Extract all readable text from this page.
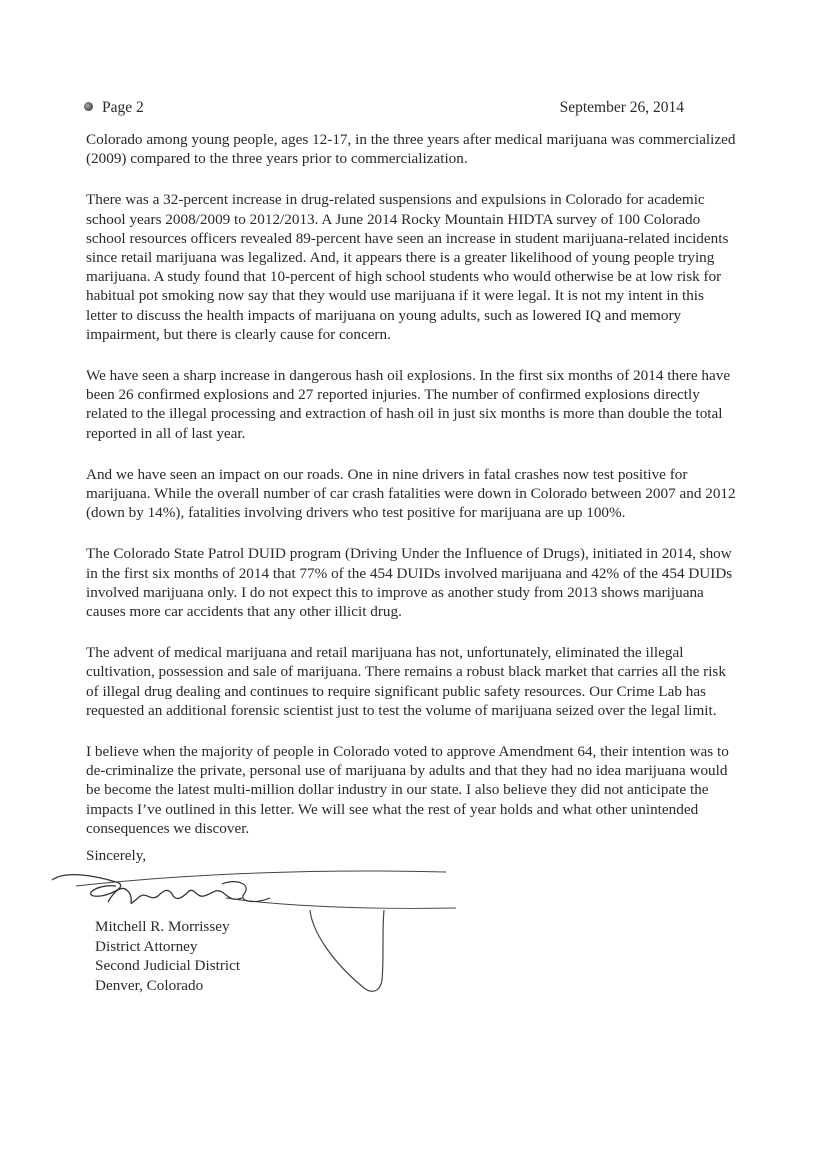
Page 2	September 26, 2014

Colorado among young people, ages 12-17, in the three years after medical marijuana was commercialized (2009) compared to the three years prior to commercialization.

There was a 32-percent increase in drug-related suspensions and expulsions in Colorado for academic school years 2008/2009 to 2012/2013. A June 2014 Rocky Mountain HIDTA survey of 100 Colorado school resources officers revealed 89-percent have seen an increase in student marijuana-related incidents since retail marijuana was legalized. And, it appears there is a greater likelihood of young people trying marijuana. A study found that 10-percent of high school students who would otherwise be at low risk for habitual pot smoking now say that they would use marijuana if it were legal. It is not my intent in this letter to discuss the health impacts of marijuana on young adults, such as lowered IQ and memory impairment, but there is clearly cause for concern.

We have seen a sharp increase in dangerous hash oil explosions. In the first six months of 2014 there have been 26 confirmed explosions and 27 reported injuries. The number of confirmed explosions directly related to the illegal processing and extraction of hash oil in just six months is more than double the total reported in all of last year.

And we have seen an impact on our roads. One in nine drivers in fatal crashes now test positive for marijuana. While the overall number of car crash fatalities were down in Colorado between 2007 and 2012 (down by 14%), fatalities involving drivers who test positive for marijuana are up 100%.

The Colorado State Patrol DUID program (Driving Under the Influence of Drugs), initiated in 2014, show in the first six months of 2014 that 77% of the 454 DUIDs involved marijuana and 42% of the 454 DUIDs involved marijuana only. I do not expect this to improve as another study from 2013 shows marijuana causes more car accidents that any other illicit drug.

The advent of medical marijuana and retail marijuana has not, unfortunately, eliminated the illegal cultivation, possession and sale of marijuana. There remains a robust black market that carries all the risk of illegal drug dealing and continues to require significant public safety resources. Our Crime Lab has requested an additional forensic scientist just to test the volume of marijuana seized over the legal limit.

I believe when the majority of people in Colorado voted to approve Amendment 64, their intention was to de-criminalize the private, personal use of marijuana by adults and that they had no idea marijuana would be become the latest multi-million dollar industry in our state. I also believe they did not anticipate the impacts I’ve outlined in this letter. We will see what the rest of year holds and what other unintended consequences we discover.

Sincerely,
Mitchell R. Morrissey
District Attorney
Second Judicial District
Denver, Colorado
